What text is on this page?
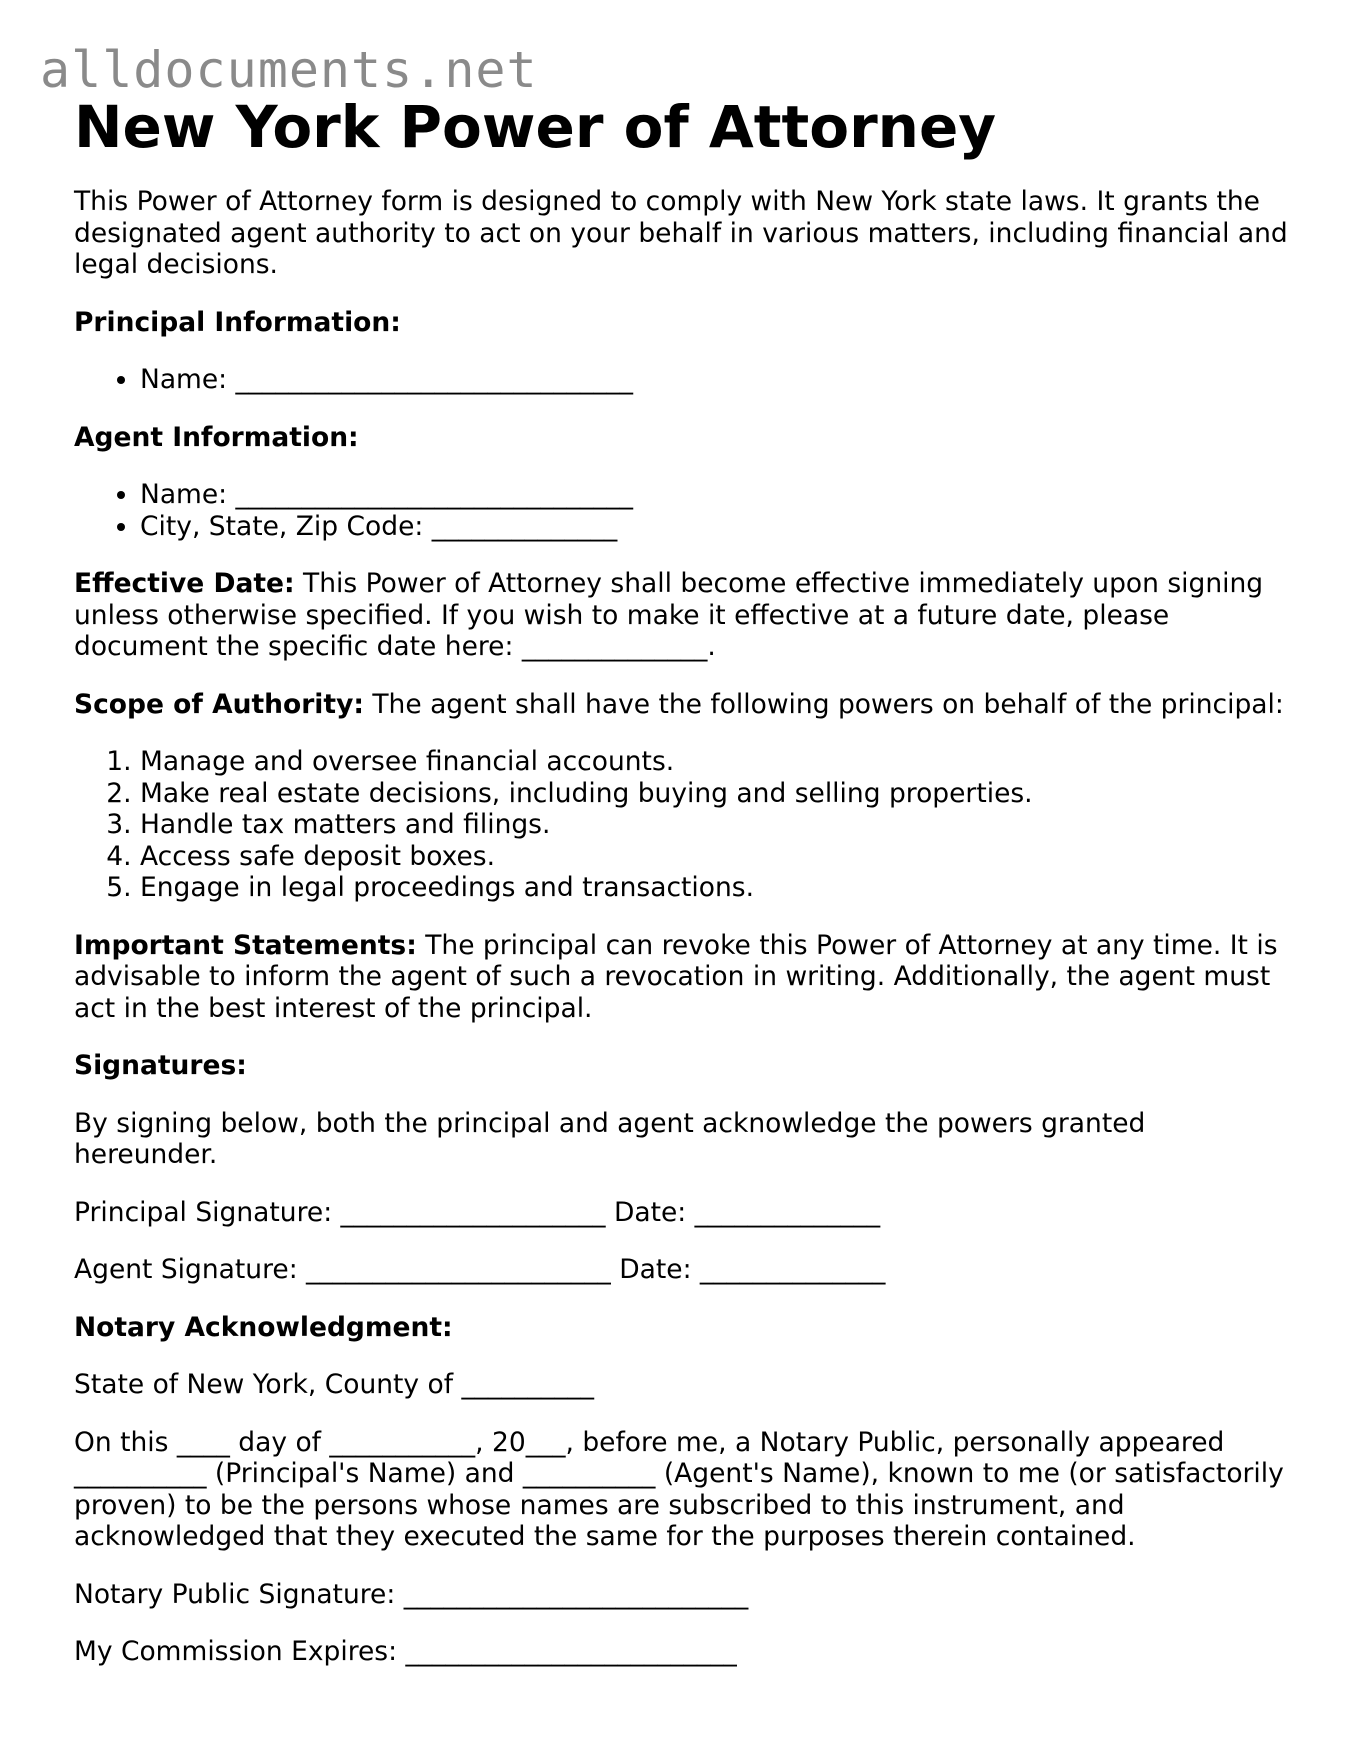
alldocuments.net
New York Power of Attorney

This Power of Attorney form is designed to comply with New York state laws. It grants the designated agent authority to act on your behalf in various matters, including financial and legal decisions.

Principal Information:

• Name: ______________________________

Agent Information:

• Name: ______________________________
• City, State, Zip Code: ______________

Effective Date: This Power of Attorney shall become effective immediately upon signing unless otherwise specified. If you wish to make it effective at a future date, please document the specific date here: ______________.

Scope of Authority: The agent shall have the following powers on behalf of the principal:

1. Manage and oversee financial accounts.
2. Make real estate decisions, including buying and selling properties.
3. Handle tax matters and filings.
4. Access safe deposit boxes.
5. Engage in legal proceedings and transactions.

Important Statements: The principal can revoke this Power of Attorney at any time. It is advisable to inform the agent of such a revocation in writing. Additionally, the agent must act in the best interest of the principal.

Signatures:

By signing below, both the principal and agent acknowledge the powers granted hereunder.

Principal Signature: ____________________ Date: ______________

Agent Signature: _______________________ Date: ______________

Notary Acknowledgment:

State of New York, County of __________

On this ____ day of ___________, 20___, before me, a Notary Public, personally appeared __________ (Principal's Name) and __________ (Agent's Name), known to me (or satisfactorily proven) to be the persons whose names are subscribed to this instrument, and acknowledged that they executed the same for the purposes therein contained.

Notary Public Signature: __________________________

My Commission Expires: _________________________
